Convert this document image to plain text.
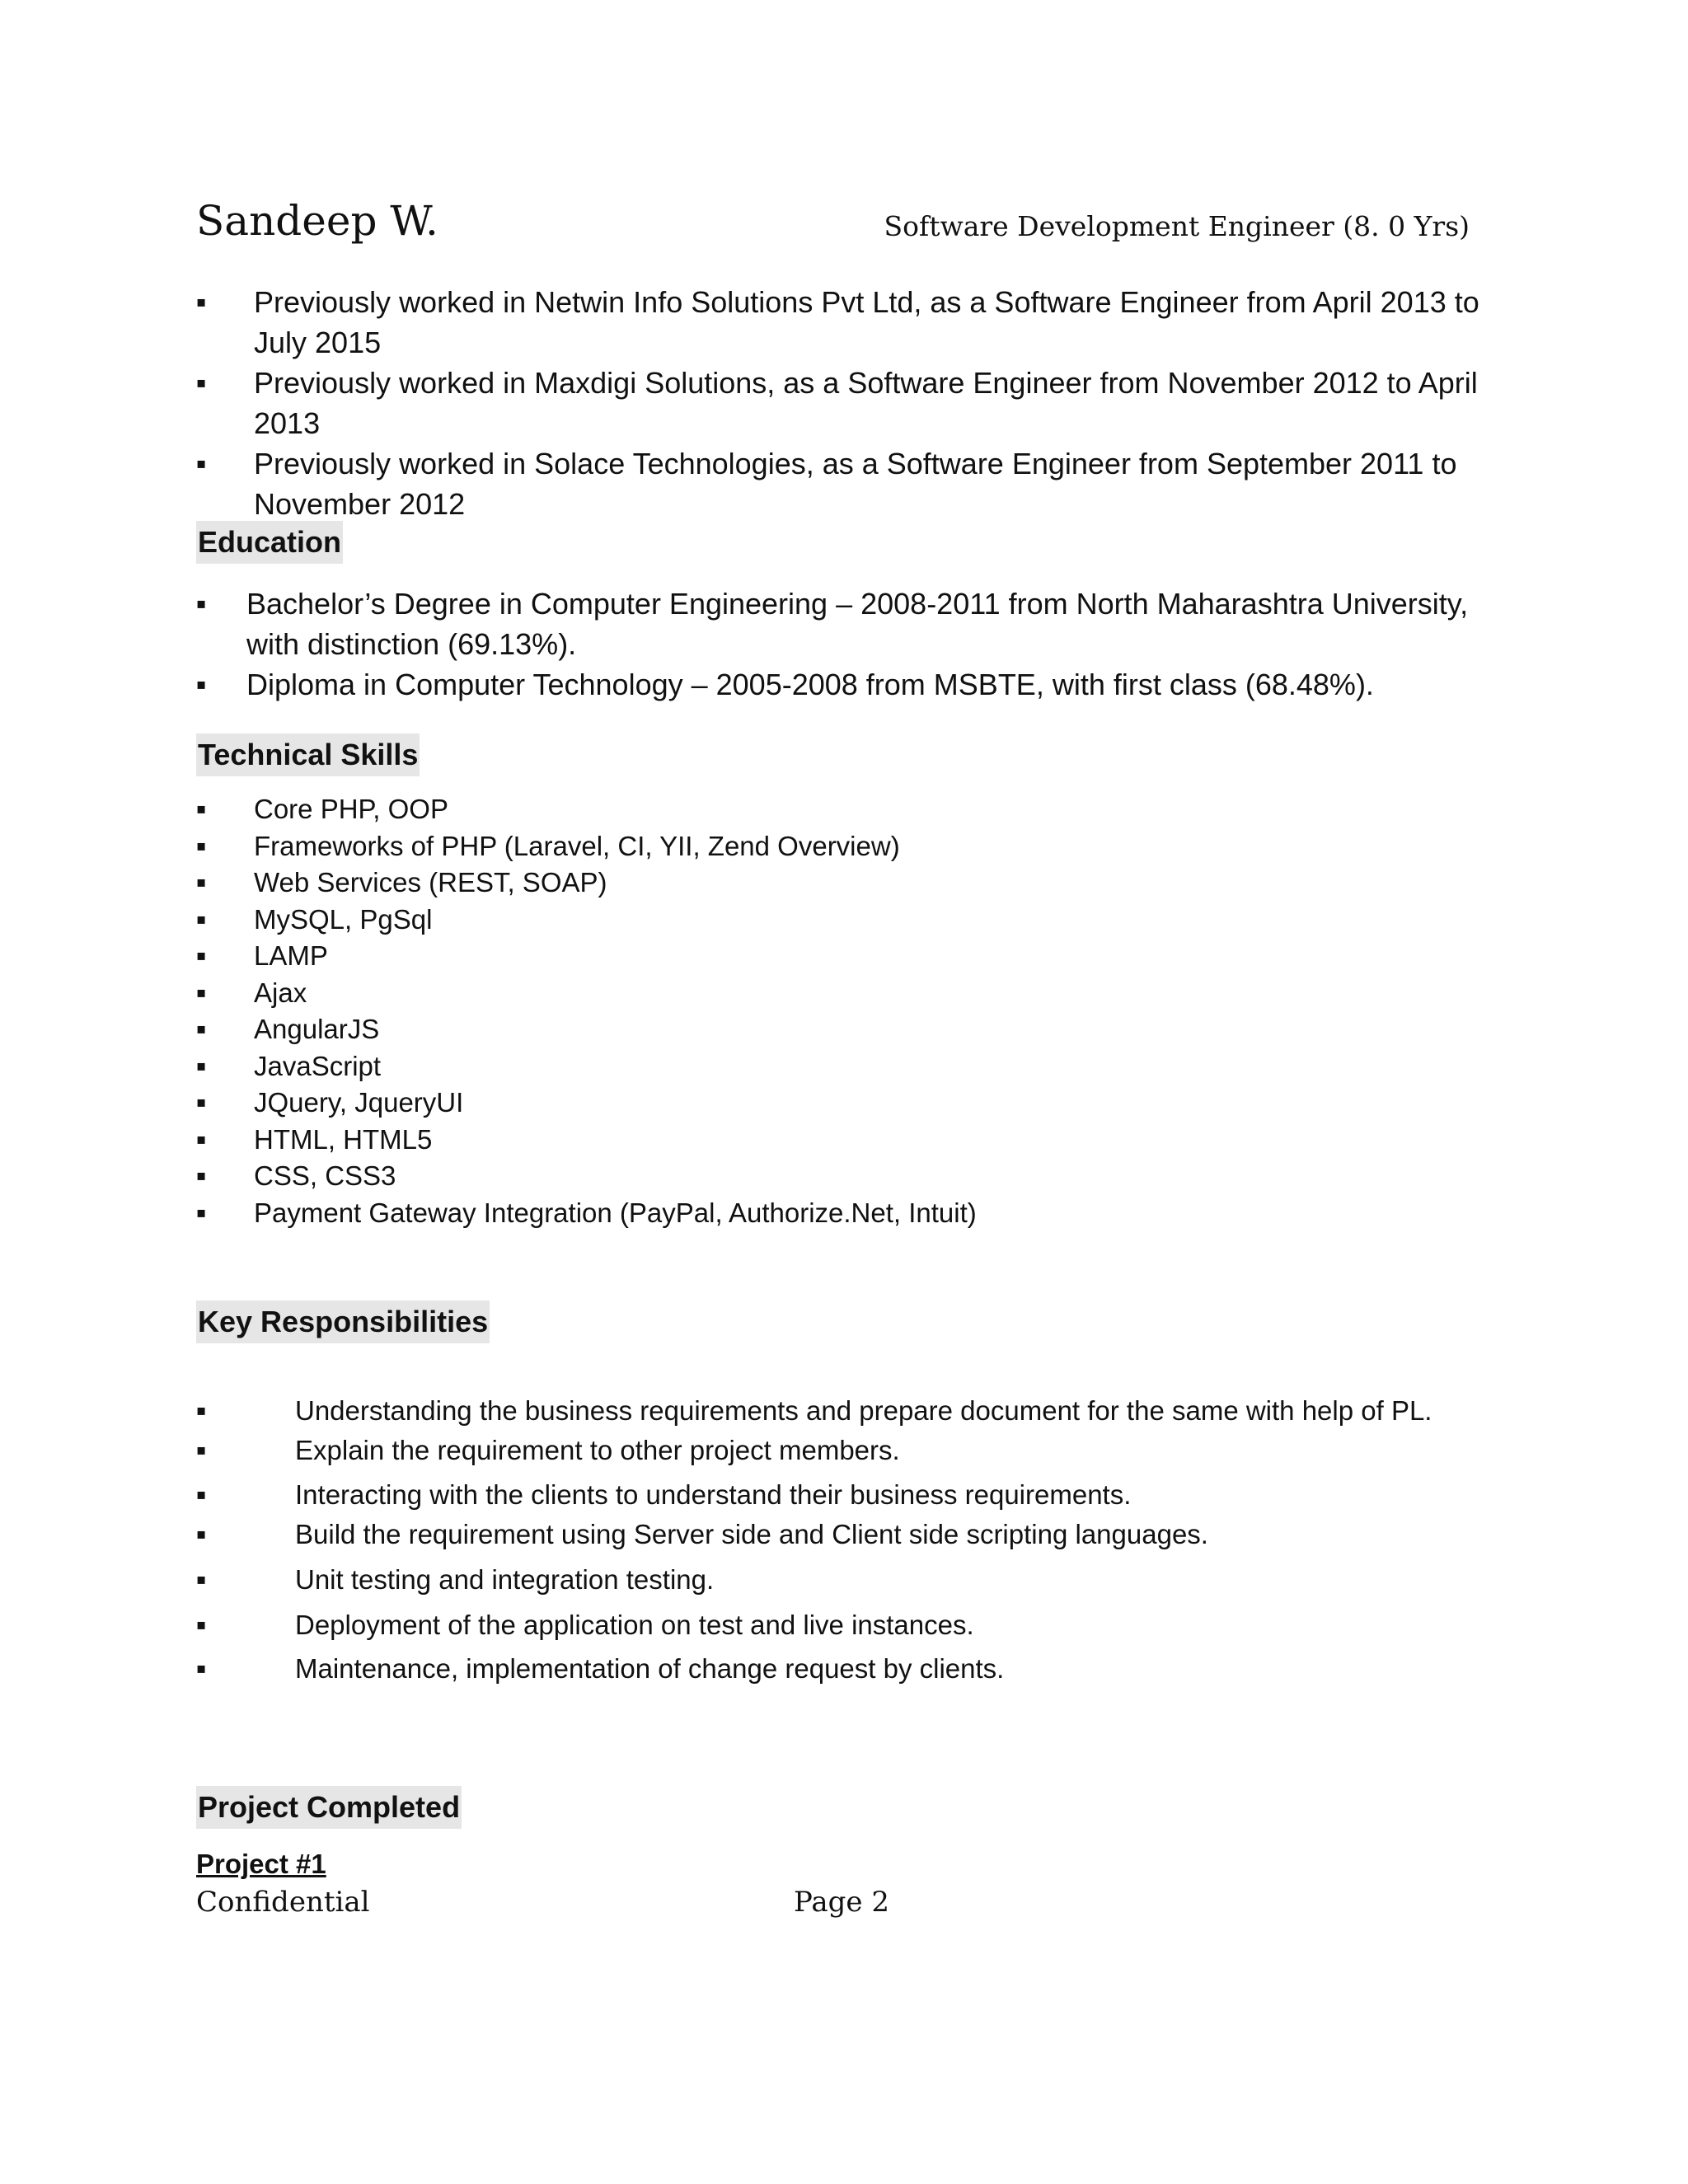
Sandeep W.	Software Development Engineer (8. 0 Yrs)
▪ Previously worked in Netwin Info Solutions Pvt Ltd, as a Software Engineer from April 2013 to July 2015
▪ Previously worked in Maxdigi Solutions, as a Software Engineer from November 2012 to April 2013
▪ Previously worked in Solace Technologies, as a Software Engineer from September 2011 to November 2012
Education
▪ Bachelor’s Degree in Computer Engineering – 2008-2011 from North Maharashtra University, with distinction (69.13%).
▪ Diploma in Computer Technology – 2005-2008 from MSBTE, with first class (68.48%).
Technical Skills
▪ Core PHP, OOP
▪ Frameworks of PHP (Laravel, CI, YII, Zend Overview)
▪ Web Services (REST, SOAP)
▪ MySQL, PgSql
▪ LAMP
▪ Ajax
▪ AngularJS
▪ JavaScript
▪ JQuery, JqueryUI
▪ HTML, HTML5
▪ CSS, CSS3
▪ Payment Gateway Integration (PayPal, Authorize.Net, Intuit)
Key Responsibilities
▪	Understanding the business requirements and prepare document for the same with help of PL.
▪	Explain the requirement to other project members.
▪	Interacting with the clients to understand their business requirements.
▪	Build the requirement using Server side and Client side scripting languages.
▪	Unit testing and integration testing.
▪	Deployment of the application on test and live instances.
▪	Maintenance, implementation of change request by clients.
Project Completed
Project #1
Confidential	Page 2
